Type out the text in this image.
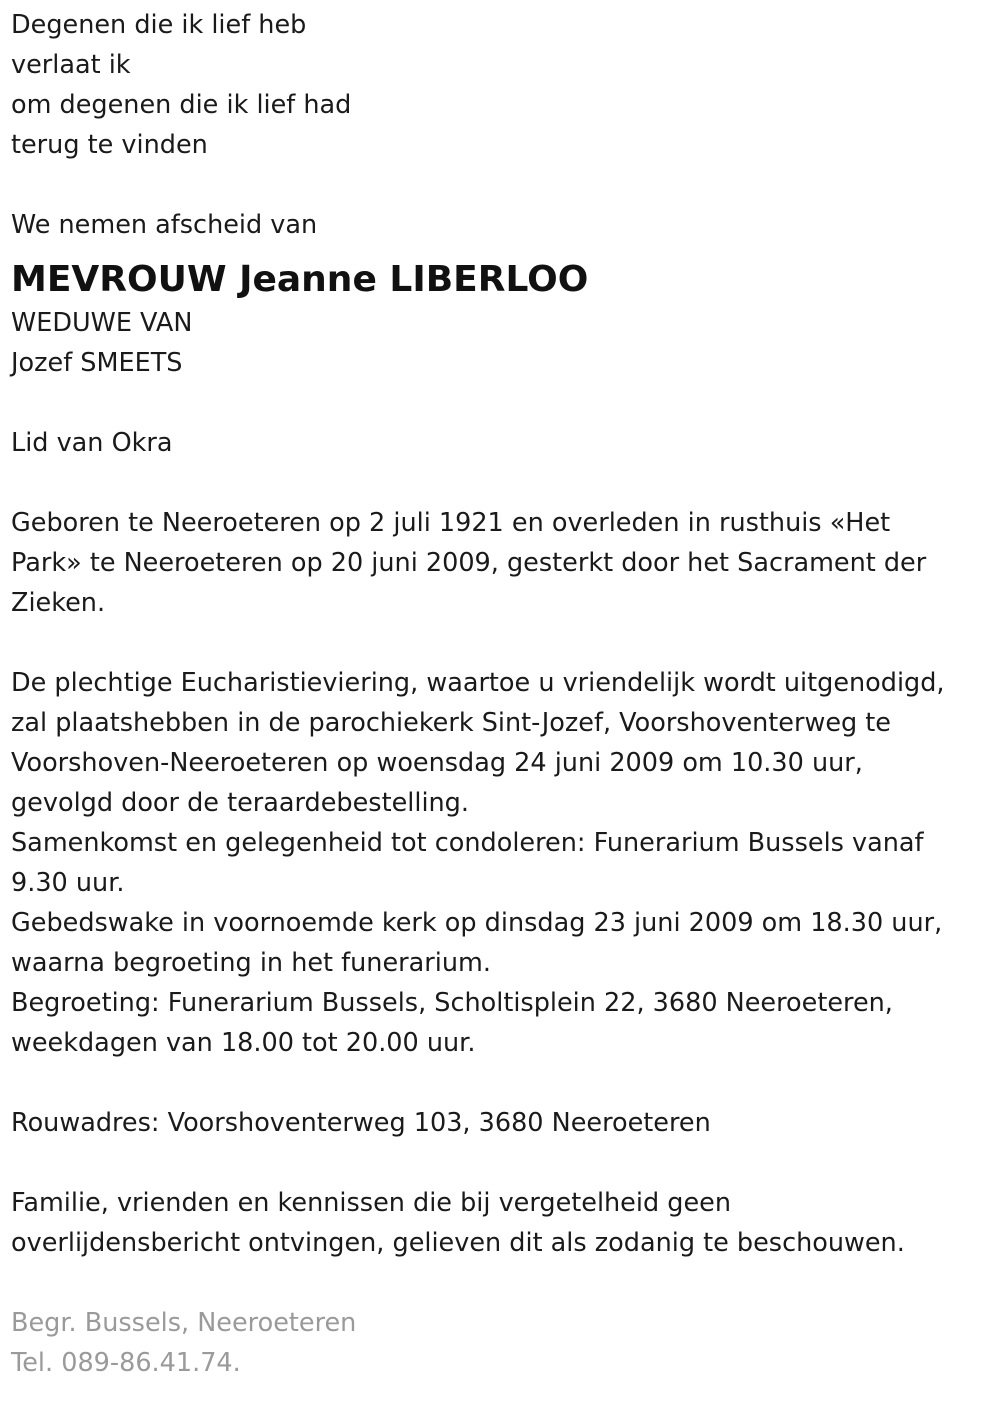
Degenen die ik lief heb

verlaat ik

om degenen die ik lief had

terug te vinden

We nemen afscheid van

MEVROUW Jeanne LIBERLOO

WEDUWE VAN

Jozef SMEETS

Lid van Okra

Geboren te Neeroeteren op 2 juli 1921 en overleden in rusthuis «Het

Park» te Neeroeteren op 20 juni 2009, gesterkt door het Sacrament der

Zieken.

De plechtige Eucharistieviering, waartoe u vriendelijk wordt uitgenodigd,

zal plaatshebben in de parochiekerk Sint-Jozef, Voorshoventerweg te

Voorshoven-Neeroeteren op woensdag 24 juni 2009 om 10.30 uur,

gevolgd door de teraardebestelling.

Samenkomst en gelegenheid tot condoleren: Funerarium Bussels vanaf

9.30 uur.

Gebedswake in voornoemde kerk op dinsdag 23 juni 2009 om 18.30 uur,

waarna begroeting in het funerarium.

Begroeting: Funerarium Bussels, Scholtisplein 22, 3680 Neeroeteren,

weekdagen van 18.00 tot 20.00 uur.

Rouwadres: Voorshoventerweg 103, 3680 Neeroeteren

Familie, vrienden en kennissen die bij vergetelheid geen

overlijdensbericht ontvingen, gelieven dit als zodanig te beschouwen.

Begr. Bussels, Neeroeteren

Tel. 089-86.41.74.
